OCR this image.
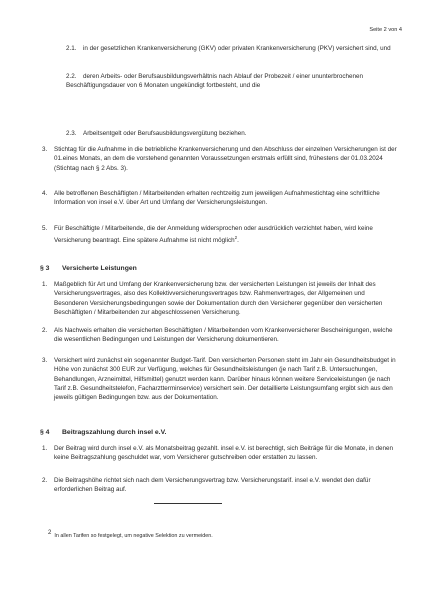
Seite 2 von 4
2.1. in der gesetzlichen Krankenversicherung (GKV) oder privaten Krankenversicherung (PKV) versichert sind, und
2.2. deren Arbeits- oder Berufsausbildungsverhältnis nach Ablauf der Probezeit / einer ununterbrochenen Beschäftigungsdauer von 6 Monaten ungekündigt fortbesteht, und die
2.3. Arbeitsentgelt oder Berufsausbildungsvergütung beziehen.
3.	Stichtag für die Aufnahme in die betriebliche Krankenversicherung und den Abschluss der einzelnen Versicherungen ist der 01.eines Monats, an dem die vorstehend genannten Voraussetzungen erstmals erfüllt sind, frühestens der 01.03.2024 (Stichtag nach § 2 Abs. 3).
4.	Alle betroffenen Beschäftigten / Mitarbeitenden erhalten rechtzeitig zum jeweiligen Aufnahmestichtag eine schriftliche Information von insel e.V. über Art und Umfang der Versicherungsleistungen.
5.	Für Beschäftigte / Mitarbeitende, die der Anmeldung widersprochen oder ausdrücklich verzichtet haben, wird keine Versicherung beantragt. Eine spätere Aufnahme ist nicht möglich$^2$.
§ 3 Versicherte Leistungen
1.	Maßgeblich für Art und Umfang der Krankenversicherung bzw. der versicherten Leistungen ist jeweils der Inhalt des Versicherungsvertrages, also des Kollektivversicherungsvertrages bzw. Rahmenvertrages, der Allgemeinen und Besonderen Versicherungsbedingungen sowie der Dokumentation durch den Versicherer gegenüber den versicherten Beschäftigten / Mitarbeitenden zur abgeschlossenen Versicherung.
2.	Als Nachweis erhalten die versicherten Beschäftigten / Mitarbeitenden vom Krankenversicherer Bescheinigungen, welche die wesentlichen Bedingungen und Leistungen der Versicherung dokumentieren.
3.	Versichert wird zunächst ein sogenannter Budget-Tarif. Den versicherten Personen steht im Jahr ein Gesundheitsbudget in Höhe von zunächst 300 EUR zur Verfügung, welches für Gesundheitsleistungen (je nach Tarif z.B. Untersuchungen, Behandlungen, Arzneimittel, Hilfsmittel) genutzt werden kann. Darüber hinaus können weitere Serviceleistungen (je nach Tarif z.B. Gesundheitstelefon, Facharztterminservice) versichert sein. Der detaillierte Leistungsumfang ergibt sich aus den jeweils gültigen Bedingungen bzw. aus der Dokumentation.
§ 4 Beitragszahlung durch insel e.V.
1.	Der Beitrag wird durch insel e.V. als Monatsbeitrag gezahlt. insel e.V. ist berechtigt, sich Beiträge für die Monate, in denen keine Beitragszahlung geschuldet war, vom Versicherer gutschreiben oder erstatten zu lassen.
2.	Die Beitragshöhe richtet sich nach dem Versicherungsvertrag bzw. Versicherungstarif. insel e.V. wendet den dafür erforderlichen Beitrag auf.
$^2$ In allen Tarifen so festgelegt, um negative Selektion zu vermeiden.
